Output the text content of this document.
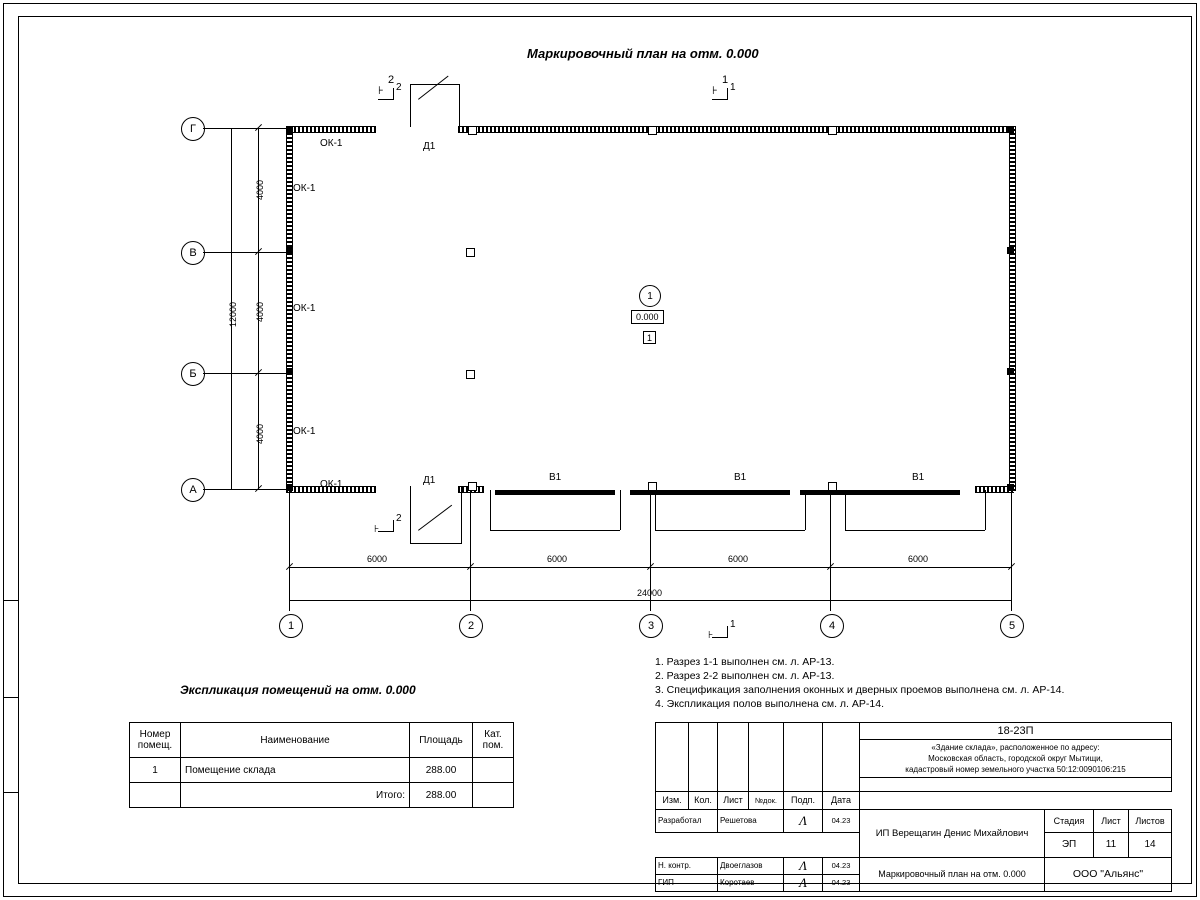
Маркировочный план на отм. 0.000
⊦
2
⊦
1
ОК-1
ОК-1
ОК-1
ОК-1
ОК-1
Д1
Д1	В1	В1	В1
1
0.000
1
Г
В
Б
А
4000
4000
4000
12000
6000	6000	6000	6000
24000
1	2	3	4	5
2
⊦
1
⊦
2	1
1. Разрез 1-1 выполнен см. л. АР-13.
2. Разрез 2-2 выполнен см. л. АР-13.
3. Спецификация заполнения оконных и дверных проемов выполнена см. л. АР-14.
4. Экспликация полов выполнена см. л. АР-14.
Экспликация помещений на отм. 0.000
Номер помещ.	Наименование	Площадь	Кат. пом.
1	Помещение склада	288.00	
	Итого:	288.00	
						18-23П			

						«Здание склада», расположенное по адресу:
Московская область, городской округ Мытищи,
кадастровый номер земельного участка 50:12:0090106:215			

Изм.	Кол.	Лист	№док.	Подп.	Дата				
Разработал		Решетова		Ʌ	04.23	ИП Верещагин Денис Михайлович	Стадия	Лист	Листов
							ЭП	11	14
Н. контр.		Двоеглазов		Ʌ	04.23	Маркировочный план на отм. 0.000	ООО "Альянс"		
ГИП		Коротаев		Ʌ	04.23				
